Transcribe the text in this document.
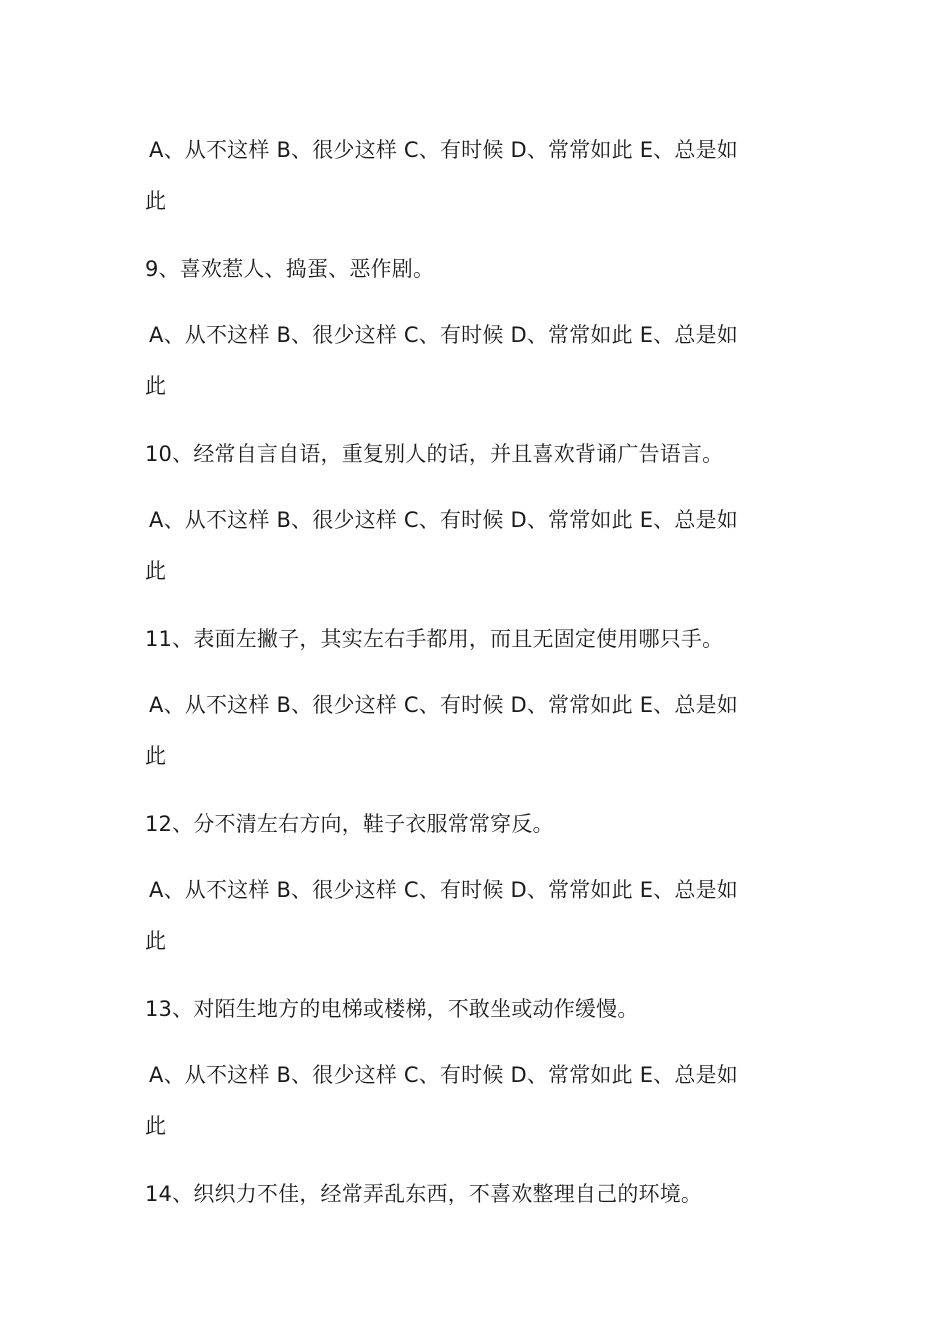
A、从不这样 B、很少这样 C、有时候 D、常常如此 E、总是如

此

9、喜欢惹人、捣蛋、恶作剧。

A、从不这样 B、很少这样 C、有时候 D、常常如此 E、总是如

此

10、经常自言自语，重复别人的话，并且喜欢背诵广告语言。

A、从不这样 B、很少这样 C、有时候 D、常常如此 E、总是如

此

11、表面左撇子，其实左右手都用，而且无固定使用哪只手。

A、从不这样 B、很少这样 C、有时候 D、常常如此 E、总是如

此

12、分不清左右方向，鞋子衣服常常穿反。

A、从不这样 B、很少这样 C、有时候 D、常常如此 E、总是如

此

13、对陌生地方的电梯或楼梯，不敢坐或动作缓慢。

A、从不这样 B、很少这样 C、有时候 D、常常如此 E、总是如

此

14、织织力不佳，经常弄乱东西，不喜欢整理自己的环境。
